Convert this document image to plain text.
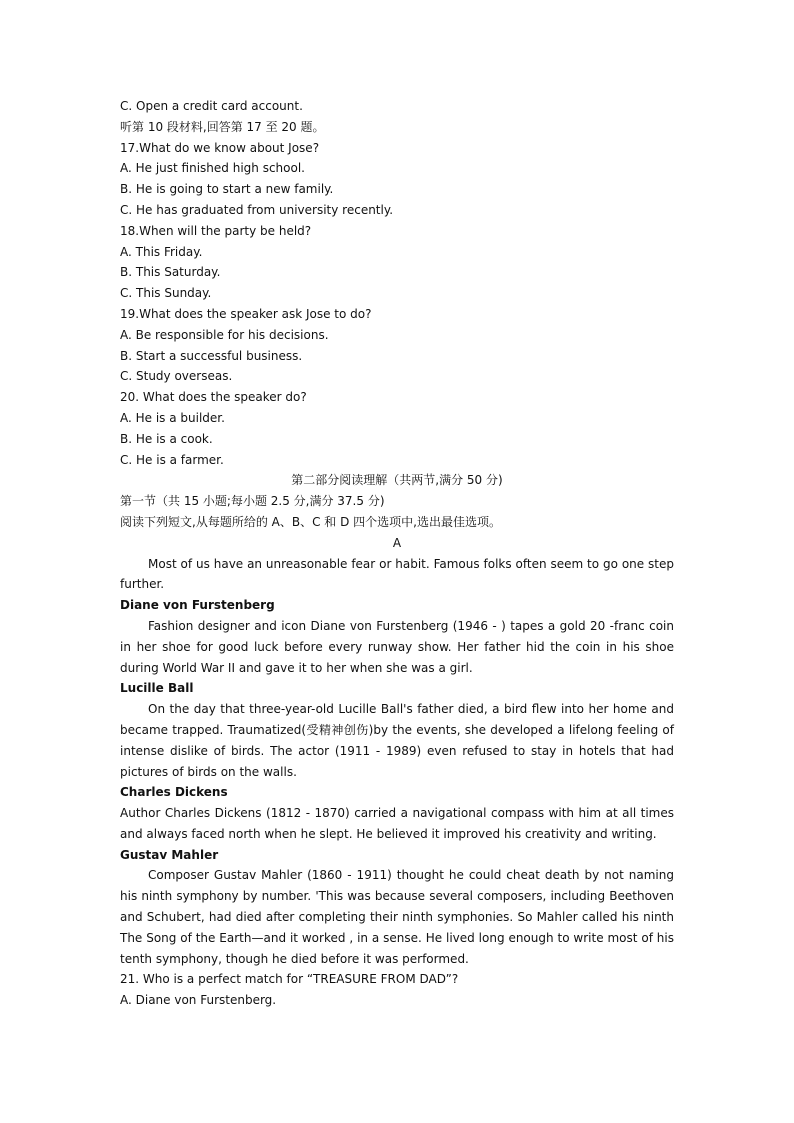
C. Open a credit card account.
听第 10 段材料,回答第 17 至 20 题。
17.What do we know about Jose?
A. He just finished high school.
B. He is going to start a new family.
C. He has graduated from university recently.
18.When will the party be held?
A. This Friday.
B. This Saturday.
C. This Sunday.
19.What does the speaker ask Jose to do?
A. Be responsible for his decisions.
B. Start a successful business.
C. Study overseas.
20. What does the speaker do?
A. He is a builder.
B. He is a cook.
C. He is a farmer.
第二部分阅读理解（共两节,满分 50 分)
第一节（共 15 小题;每小题 2.5 分,满分 37.5 分)
阅读下列短文,从每题所给的 A、B、C 和 D 四个选项中,选出最佳选项。
A
Most of us have an unreasonable fear or habit. Famous folks often seem to go one step further.
Diane von Furstenberg
Fashion designer and icon Diane von Furstenberg (1946 - ) tapes a gold 20 -franc coin in her shoe for good luck before every runway show. Her father hid the coin in his shoe during World War II and gave it to her when she was a girl.
Lucille Ball
On the day that three-year-old Lucille Ball's father died, a bird flew into her home and became trapped. Traumatized(受精神创伤)by the events, she developed a lifelong feeling of intense dislike of birds. The actor (1911 - 1989) even refused to stay in hotels that had pictures of birds on the walls.
Charles Dickens
Author Charles Dickens (1812 - 1870) carried a navigational compass with him at all times and always faced north when he slept. He believed it improved his creativity and writing.
Gustav Mahler
Composer Gustav Mahler (1860 - 1911) thought he could cheat death by not naming his ninth symphony by number. 'This was because several composers, including Beethoven and Schubert, had died after completing their ninth symphonies. So Mahler called his ninth The Song of the Earth—and it worked , in a sense. He lived long enough to write most of his tenth symphony, though he died before it was performed.
21. Who is a perfect match for “TREASURE FROM DAD”?
A. Diane von Furstenberg.
